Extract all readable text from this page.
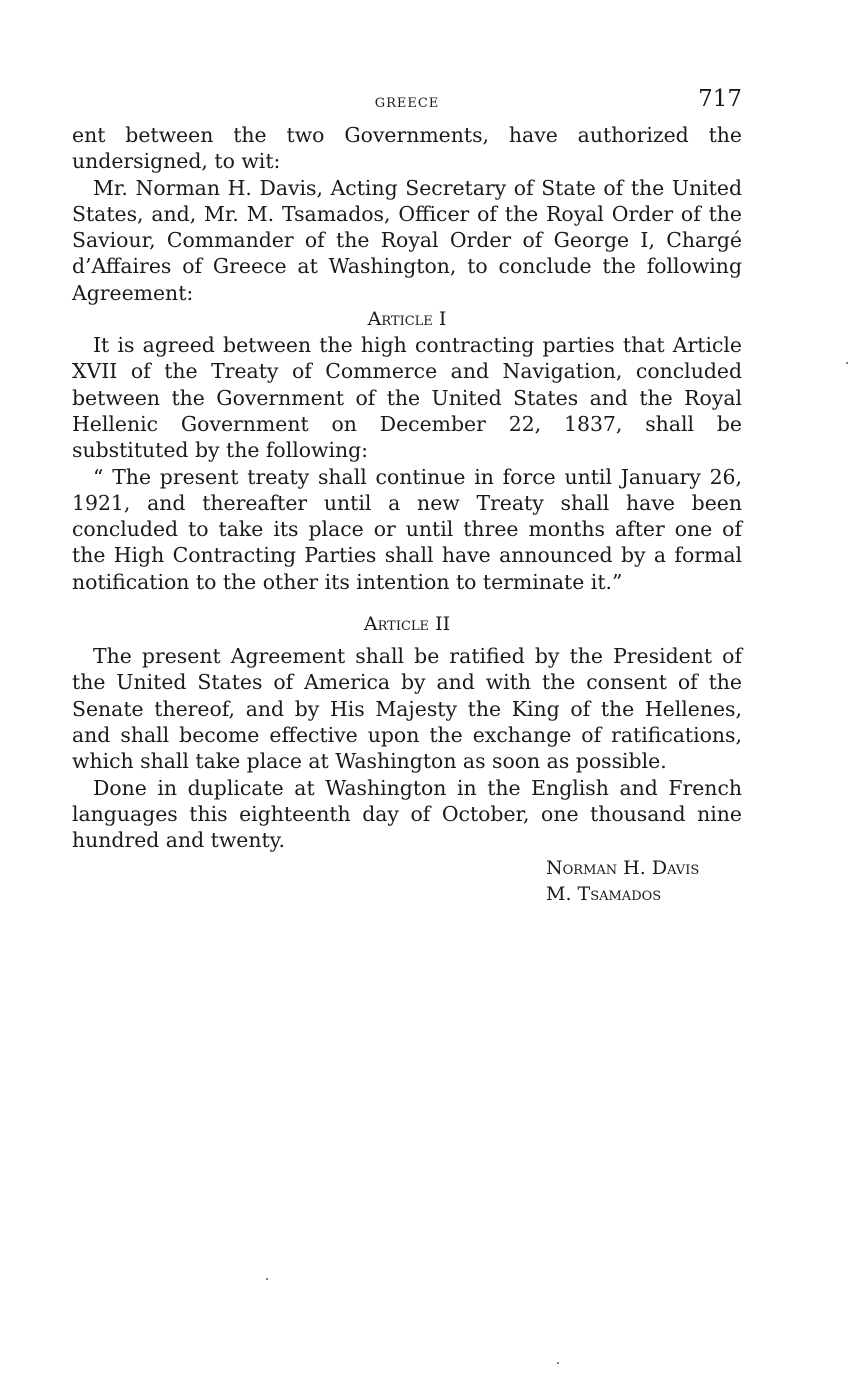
GREECE	717

ent between the two Governments, have authorized the undersigned, to wit:

Mr. Norman H. Davis, Acting Secretary of State of the United States, and, Mr. M. Tsamados, Officer of the Royal Order of the Saviour, Commander of the Royal Order of George I, Chargé d’Affaires of Greece at Washington, to conclude the following Agreement:

Article I

It is agreed between the high contracting parties that Article XVII of the Treaty of Commerce and Navigation, concluded between the Government of the United States and the Royal Hellenic Government on December 22, 1837, shall be substituted by the following:

“ The present treaty shall continue in force until January 26, 1921, and thereafter until a new Treaty shall have been concluded to take its place or until three months after one of the High Contracting Parties shall have announced by a formal notification to the other its intention to terminate it.”

Article II

The present Agreement shall be ratified by the President of the United States of America by and with the consent of the Senate thereof, and by His Majesty the King of the Hellenes, and shall become effective upon the exchange of ratifications, which shall take place at Washington as soon as possible.

Done in duplicate at Washington in the English and French languages this eighteenth day of October, one thousand nine hundred and twenty.

Norman H. Davis
M. Tsamados
